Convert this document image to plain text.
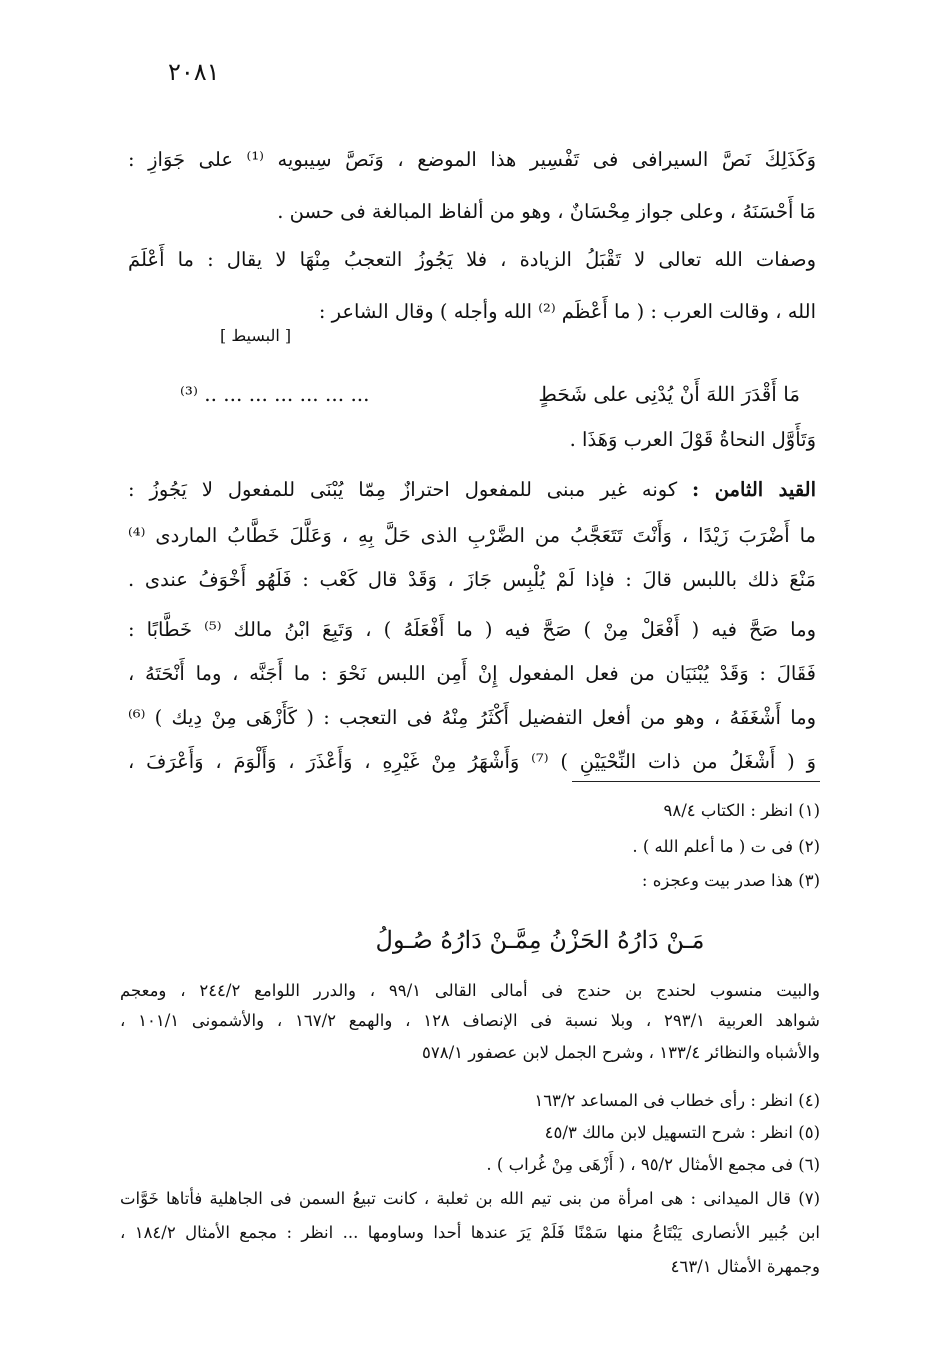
٢٠٨١
وَكَذَلِكَ نَصَّ السيرافى فى تَفْسِير هذا الموضع ، وَنَصَّ سِيبويه ⁽¹⁾ على جَوَازِ :
مَا أَحْسَنَهُ ، وعلى جواز مِحْسَانٌ ، وهو من ألفاظ المبالغة فى حسن .
وصفات الله تعالى لا تَقْبَلُ الزيادة ، فلا يَجُوزُ التعجبُ مِنْهَا لا يقال : ما أَعْلَمَ
الله ، وقالت العرب : ( ما أَعْظَم ⁽²⁾ الله وأجله ) وقال الشاعر :
[ البسيط ]
مَا أَقْدَرَ اللهَ أَنْ يُدْنِى على شَحَطٍ
... ... ... ... ... ... .. ⁽³⁾
وَتَأَوَّل النحاةُ قَوْلَ العرب وَهَذَا .
القيد الثامن : كونه غير مبنى للمفعول احترازٌ مِمّا يُبْنَى للمفعول لا يَجُوزُ :
ما أَضْرَبَ زَيْدًا ، وَأَنْتَ تَتَعَجَّبُ من الضَّرْبِ الذى حَلَّ بِهِ ، وَعَلَّلَ خَطَّابُ الماردى ⁽⁴⁾
مَنْعَ ذلك باللبس قالَ : فإذا لَمْ يُلْبِس جَازَ ، وَقَدْ قال كَعْب : فَلَهُو أَخْوَفُ عندى .
وما صَحَّ فيه ( أَفْعَلْ مِنْ ) صَحَّ فيه ( ما أَفْعَلَهُ ) ، وَتَبِعَ ابْنُ مالك ⁽⁵⁾ خَطَّابًا :
فَقَالَ : وَقَدْ يُبْنَيَان من فعل المفعول إِنْ أَمِن اللبس نَحْوَ : ما أَجَنَّه ، وما أَنْحَتَهُ ،
وما أَشْغَفَهُ ، وهو من أفعل التفضيل أَكْثَرُ مِنْهُ فى التعجب : ( كَأَزْهَى مِنْ دِيك ) ⁽⁶⁾
وَ ( أَشْغَلُ من ذات النِّحْيَيْنِ ) ⁽⁷⁾ وَأَشْهَرُ مِنْ غَيْرِهِ ، وَأَعْذَرَ ، وَأَلْوَمَ ، وَأَعْرَفَ ،
(١) انظر : الكتاب ٩٨/٤
(٢) فى ت ( ما أعلم الله ) .
(٣) هذا صدر بيت وعجزه :
مَـنْ دَارُهُ الحَزْنُ مِمَّـنْ دَارُهُ صُـولُ
والبيت منسوب لحندج بن حندج فى أمالى القالى ٩٩/١ ، والدرر اللوامع ٢٤٤/٢ ، ومعجم
شواهد العربية ٢٩٣/١ ، وبلا نسبة فى الإنصاف ١٢٨ ، والهمع ١٦٧/٢ ، والأشمونى ١٠١/١ ،
والأشباه والنظائر ١٣٣/٤ ، وشرح الجمل لابن عصفور ٥٧٨/١
(٤) انظر : رأى خطاب فى المساعد ١٦٣/٢
(٥) انظر : شرح التسهيل لابن مالك ٤٥/٣
(٦) فى مجمع الأمثال ٩٥/٢ ، ( أَزْهَى مِنْ غُراب ) .
(٧) قال الميدانى : هى امرأة من بنى تيم الله بن ثعلبة ، كانت تبيعُ السمن فى الجاهلية فأتاها خَوَّات
ابن جُبير الأنصارى يَبْتَاعُ منها سَمْنًا فَلَمْ يَرَ عندها أحدا وساومها ... انظر : مجمع الأمثال ١٨٤/٢ ،
وجمهرة الأمثال ٤٦٣/١
